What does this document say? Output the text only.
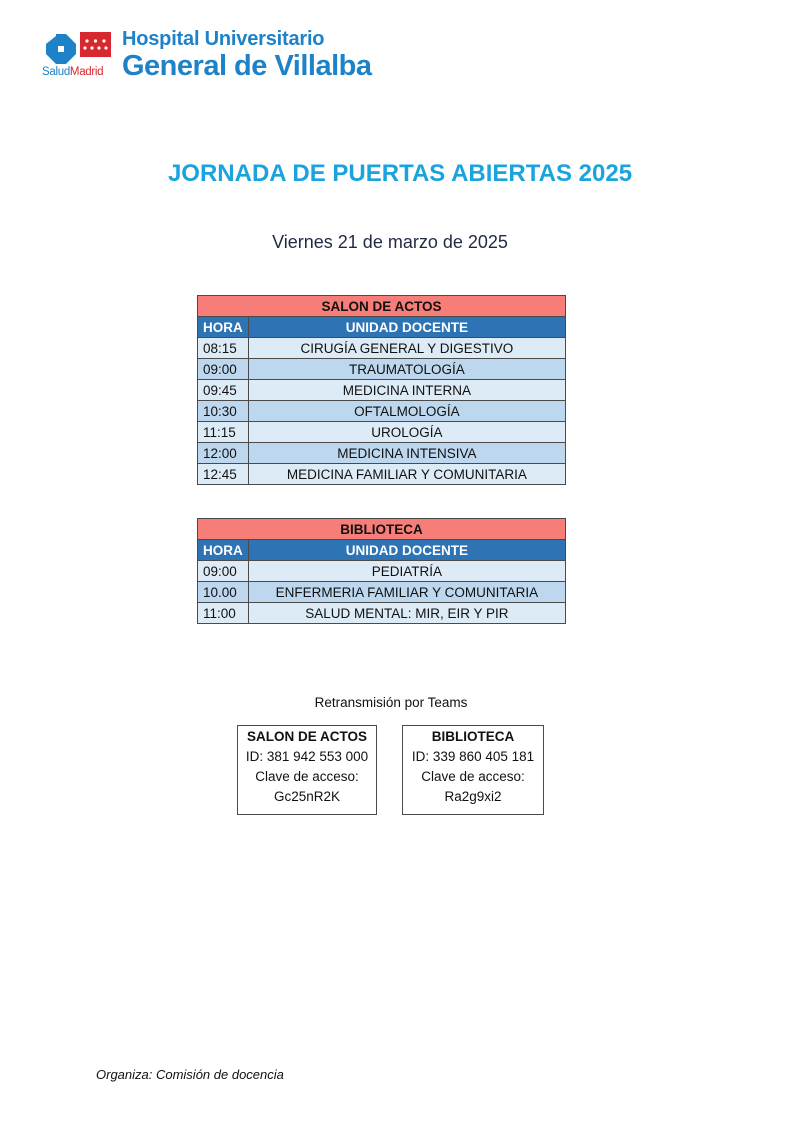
SaludMadrid
Hospital Universitario
General de Villalba
JORNADA DE PUERTAS ABIERTAS 2025
Viernes 21 de marzo de 2025
SALON DE ACTOS	
HORA	UNIDAD DOCENTE
08:15	CIRUGÍA GENERAL Y DIGESTIVO
09:00	TRAUMATOLOGÍA
09:45	MEDICINA INTERNA
10:30	OFTALMOLOGÍA
11:15	UROLOGÍA
12:00	MEDICINA INTENSIVA
12:45	MEDICINA FAMILIAR Y COMUNITARIA
BIBLIOTECA	
HORA	UNIDAD DOCENTE
09:00	PEDIATRÍA
10.00	ENFERMERIA FAMILIAR Y COMUNITARIA
11:00	SALUD MENTAL: MIR, EIR Y PIR
Retransmisión por Teams
SALON DE ACTOS
ID: 381 942 553 000
Clave de acceso:
Gc25nR2K
BIBLIOTECA
ID: 339 860 405 181
Clave de acceso:
Ra2g9xi2
Organiza: Comisión de docencia
